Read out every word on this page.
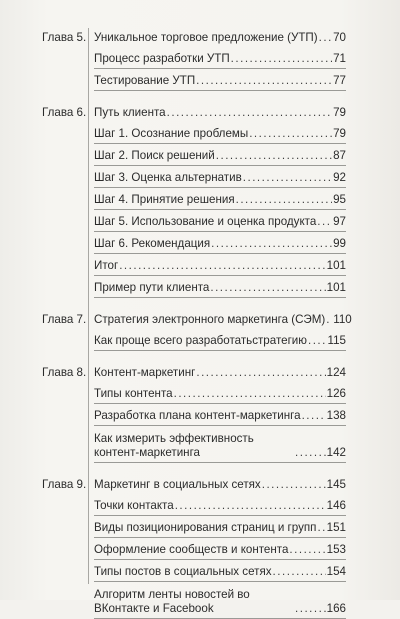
Глава 5. Уникальное торговое предложение (УТП) ..... 70
Процесс разработки УТП .....	71
Тестирование УТП .....	77
Глава 6. Путь клиента .....	79
Шаг 1. Осознание проблемы .....	79
Шаг 2. Поиск решений .....	87
Шаг 3. Оценка альтернатив .....	92
Шаг 4. Принятие решения .....	95
Шаг 5. Использование и оценка продукта ..... 97
Шаг 6. Рекомендация .....	99
Итог .....	101
Пример пути клиента .....	101
Глава 7. Стратегия электронного маркетинга (СЭМ) ..... 110
Как проще всего разработатьстратегию ..... 115
Глава 8. Контент-маркетинг .....	124
Типы контента .....	126
Разработка плана контент-маркетинга ..... 138
Как измерить эффективность контент-маркетинга .....	142
Глава 9. Маркетинг в социальных сетях .....	145
Точки контакта .....	146
Виды позиционирования страниц и групп ..... 151
Оформление сообществ и контента .....	153
Типы постов в социальных сетях .....	154
Алгоритм ленты новостей во ВКонтакте и Facebook .....	166
